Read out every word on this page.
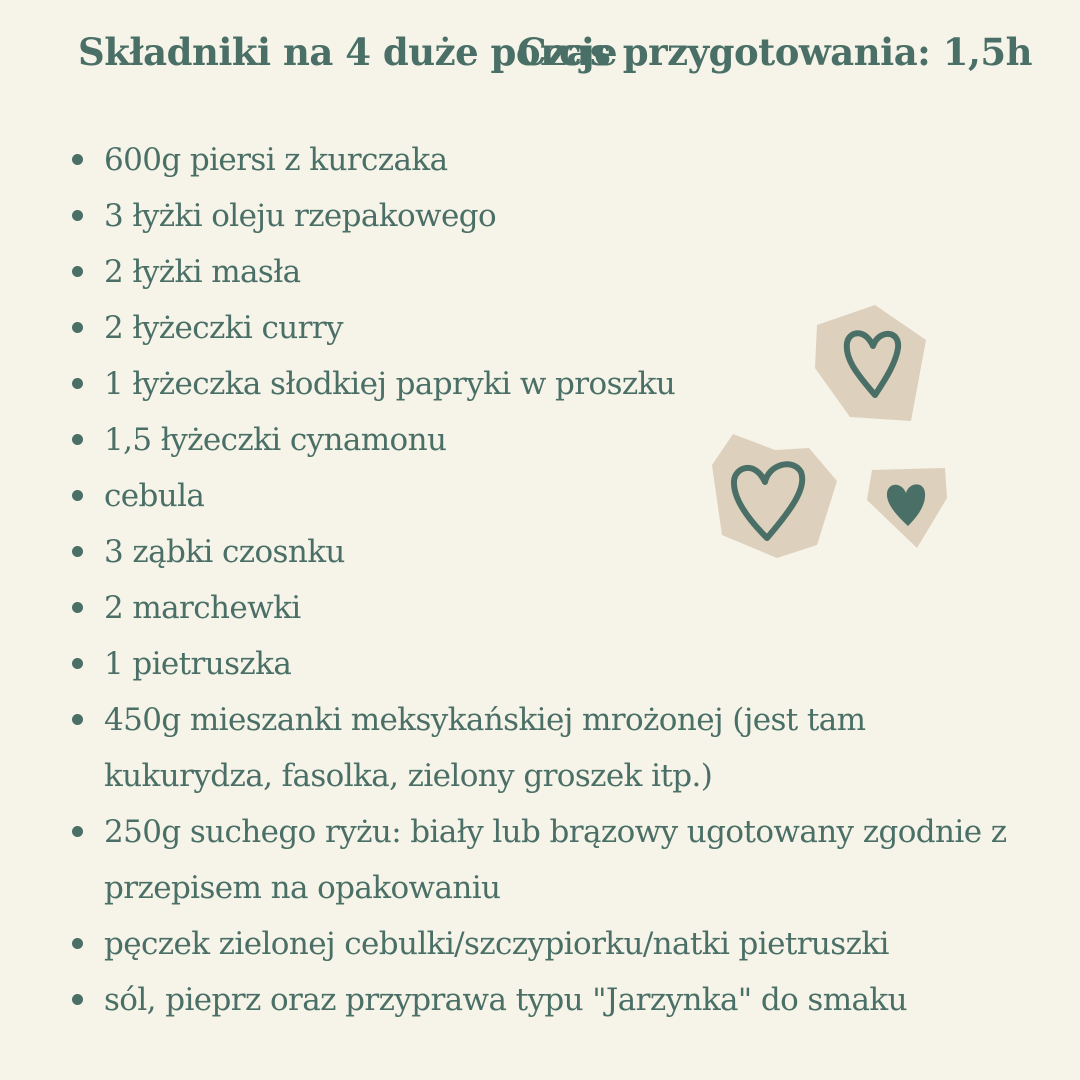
Składniki na 4 duże porcje
Czas przygotowania: 1,5h
600g piersi z kurczaka
3 łyżki oleju rzepakowego
2 łyżki masła
2 łyżeczki curry
1 łyżeczka słodkiej papryki w proszku
1,5 łyżeczki cynamonu
cebula
3 ząbki czosnku
2 marchewki
1 pietruszka
450g mieszanki meksykańskiej mrożonej (jest tam kukurydza, fasolka, zielony groszek itp.)
250g suchego ryżu: biały lub brązowy ugotowany zgodnie z przepisem na opakowaniu
pęczek zielonej cebulki/szczypiorku/natki pietruszki
sól, pieprz oraz przyprawa typu "Jarzynka" do smaku
